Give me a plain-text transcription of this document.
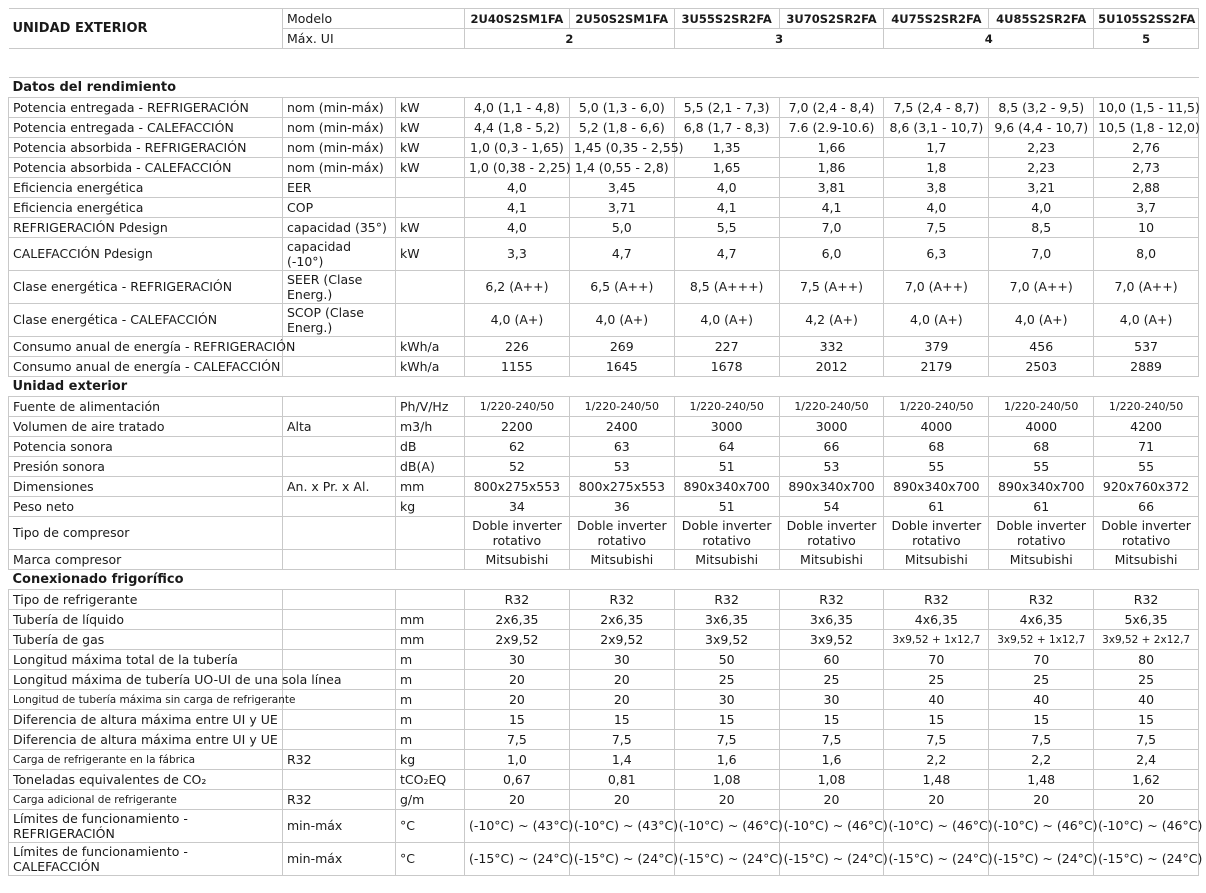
UNIDAD EXTERIOR	Modelo		2U40S2SM1FA	2U50S2SM1FA	3U55S2SR2FA	3U70S2SR2FA	4U75S2SR2FA	4U85S2SR2FA	5U105S2SS2FA
	Máx. UI		2		3		4		5

Datos del rendimiento									
Potencia entregada - REFRIGERACIÓN	nom (min-máx)	kW	4,0 (1,1 - 4,8)	5,0 (1,3 - 6,0)	5,5 (2,1 - 7,3)	7,0 (2,4 - 8,4)	7,5 (2,4 - 8,7)	8,5 (3,2 - 9,5)	10,0 (1,5 - 11,5)
Potencia entregada - CALEFACCIÓN	nom (min-máx)	kW	4,4 (1,8 - 5,2)	5,2 (1,8 - 6,6)	6,8 (1,7 - 8,3)	7.6 (2.9-10.6)	8,6 (3,1 - 10,7)	9,6 (4,4 - 10,7)	10,5 (1,8 - 12,0)
Potencia absorbida - REFRIGERACIÓN	nom (min-máx)	kW	1,0 (0,3 - 1,65)	1,45 (0,35 - 2,55)	1,35	1,66	1,7	2,23	2,76
Potencia absorbida - CALEFACCIÓN	nom (min-máx)	kW	1,0 (0,38 - 2,25)	1,4 (0,55 - 2,8)	1,65	1,86	1,8	2,23	2,73
Eficiencia energética	EER		4,0	3,45	4,0	3,81	3,8	3,21	2,88
Eficiencia energética	COP		4,1	3,71	4,1	4,1	4,0	4,0	3,7
REFRIGERACIÓN Pdesign	capacidad (35°)	kW	4,0	5,0	5,5	7,0	7,5	8,5	10
CALEFACCIÓN Pdesign	capacidad (-10°)	kW	3,3	4,7	4,7	6,0	6,3	7,0	8,0
Clase energética - REFRIGERACIÓN	SEER (Clase Energ.)		6,2 (A++)	6,5 (A++)	8,5 (A+++)	7,5 (A++)	7,0 (A++)	7,0 (A++)	7,0 (A++)
Clase energética - CALEFACCIÓN	SCOP (Clase Energ.)		4,0 (A+)	4,0 (A+)	4,0 (A+)	4,2 (A+)	4,0 (A+)	4,0 (A+)	4,0 (A+)
Consumo anual de energía - REFRIGERACIÓN		kWh/a	226	269	227	332	379	456	537
Consumo anual de energía - CALEFACCIÓN		kWh/a	1155	1645	1678	2012	2179	2503	2889
Unidad exterior									
Fuente de alimentación		Ph/V/Hz	1/220-240/50	1/220-240/50	1/220-240/50	1/220-240/50	1/220-240/50	1/220-240/50	1/220-240/50
Volumen de aire tratado	Alta	m3/h	2200	2400	3000	3000	4000	4000	4200
Potencia sonora		dB	62	63	64	66	68	68	71
Presión sonora		dB(A)	52	53	51	53	55	55	55
Dimensiones	An. x Pr. x Al.	mm	800x275x553	800x275x553	890x340x700	890x340x700	890x340x700	890x340x700	920x760x372
Peso neto		kg	34	36	51	54	61	61	66
Tipo de compresor			Doble inverter rotativo	Doble inverter rotativo	Doble inverter rotativo	Doble inverter rotativo	Doble inverter rotativo	Doble inverter rotativo	Doble inverter rotativo
Marca compresor			Mitsubishi	Mitsubishi	Mitsubishi	Mitsubishi	Mitsubishi	Mitsubishi	Mitsubishi
Conexionado frigorífico									
Tipo de refrigerante			R32	R32	R32	R32	R32	R32	R32
Tubería de líquido		mm	2x6,35	2x6,35	3x6,35	3x6,35	4x6,35	4x6,35	5x6,35
Tubería de gas		mm	2x9,52	2x9,52	3x9,52	3x9,52	3x9,52 + 1x12,7	3x9,52 + 1x12,7	3x9,52 + 2x12,7
Longitud máxima total de la tubería		m	30	30	50	60	70	70	80
Longitud máxima de tubería UO-UI de una sola línea		m	20	20	25	25	25	25	25
Longitud de tubería máxima sin carga de refrigerante		m	20	20	30	30	40	40	40
Diferencia de altura máxima entre UI y UE		m	15	15	15	15	15	15	15
Diferencia de altura máxima entre UI y UE		m	7,5	7,5	7,5	7,5	7,5	7,5	7,5
Carga de refrigerante en la fábrica	R32	kg	1,0	1,4	1,6	1,6	2,2	2,2	2,4
Toneladas equivalentes de CO₂		tCO₂EQ	0,67	0,81	1,08	1,08	1,48	1,48	1,62
Carga adicional de refrigerante	R32	g/m	20	20	20	20	20	20	20
Límites de funcionamiento - REFRIGERACIÓN	min-máx	°C	(-10°C) ~ (43°C)	(-10°C) ~ (43°C)	(-10°C) ~ (46°C)	(-10°C) ~ (46°C)	(-10°C) ~ (46°C)	(-10°C) ~ (46°C)	(-10°C) ~ (46°C)
Límites de funcionamiento - CALEFACCIÓN	min-máx	°C	(-15°C) ~ (24°C)	(-15°C) ~ (24°C)	(-15°C) ~ (24°C)	(-15°C) ~ (24°C)	(-15°C) ~ (24°C)	(-15°C) ~ (24°C)	(-15°C) ~ (24°C)
